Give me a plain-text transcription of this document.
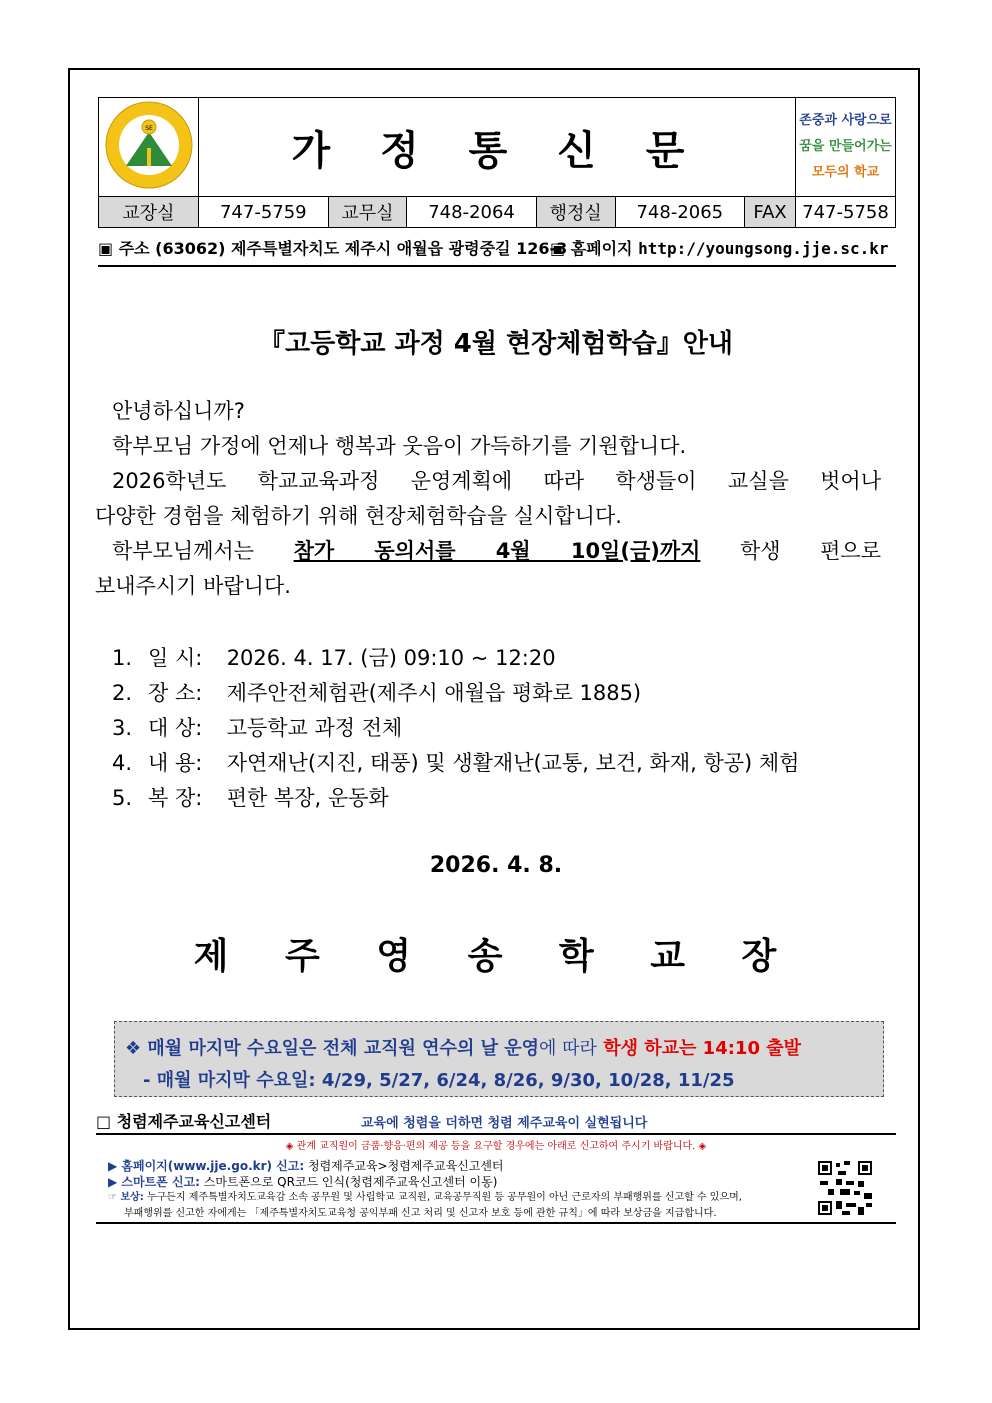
SE	가 정 통 신 문						존중과 사랑으로
꿈을 만들어가는
모두의 학교

교장실	747-5759	교무실	748-2064	행정실	748-2065	FAX	747-5758
▣ 주소 (63062) 제주특별자치도 제주시 애월읍 광령중길 126-3
▣ 홈페이지 http://youngsong.jje.sc.kr
『고등학교 과정 4월 현장체험학습』안내
안녕하십니까?
학부모님 가정에 언제나 행복과 웃음이 가득하기를 기원합니다.
2026학년도 학교교육과정 운영계획에 따라 학생들이 교실을 벗어나
다양한 경험을 체험하기 위해 현장체험학습을 실시합니다.
학부모님께서는 참가 동의서를 4월 10일(금)까지 학생 편으로
보내주시기 바랍니다.
1. 일 시: 2026. 4. 17. (금) 09:10 ~ 12:20
2. 장 소: 제주안전체험관(제주시 애월읍 평화로 1885)
3. 대 상: 고등학교 과정 전체
4. 내 용: 자연재난(지진, 태풍) 및 생활재난(교통, 보건, 화재, 항공) 체험
5. 복 장: 편한 복장, 운동화
2026. 4. 8.
제 주 영 송 학 교 장
❖ 매월 마지막 수요일은 전체 교직원 연수의 날 운영에 따라 학생 하교는 14:10 출발
- 매월 마지막 수요일: 4/29, 5/27, 6/24, 8/26, 9/30, 10/28, 11/25
□ 청렴제주교육신고센터	교육에 청렴을 더하면 청렴 제주교육이 실현됩니다
◈ 관계 교직원이 금품·향응·편의 제공 등을 요구할 경우에는 아래로 신고하여 주시기 바랍니다. ◈
▶ 홈페이지(www.jje.go.kr) 신고: 청렴제주교육>청렴제주교육신고센터
▶ 스마트폰 신고: 스마트폰으로 QR코드 인식(청렴제주교육신고센터 이동)
☞ 보상: 누구든지 제주특별자치도교육감 소속 공무원 및 사립학교 교직원, 교육공무직원 등 공무원이 아닌 근로자의 부패행위를 신고할 수 있으며,
부패행위를 신고한 자에게는 「제주특별자치도교육청 공익부패 신고 처리 및 신고자 보호 등에 관한 규칙」에 따라 보상금을 지급합니다.
